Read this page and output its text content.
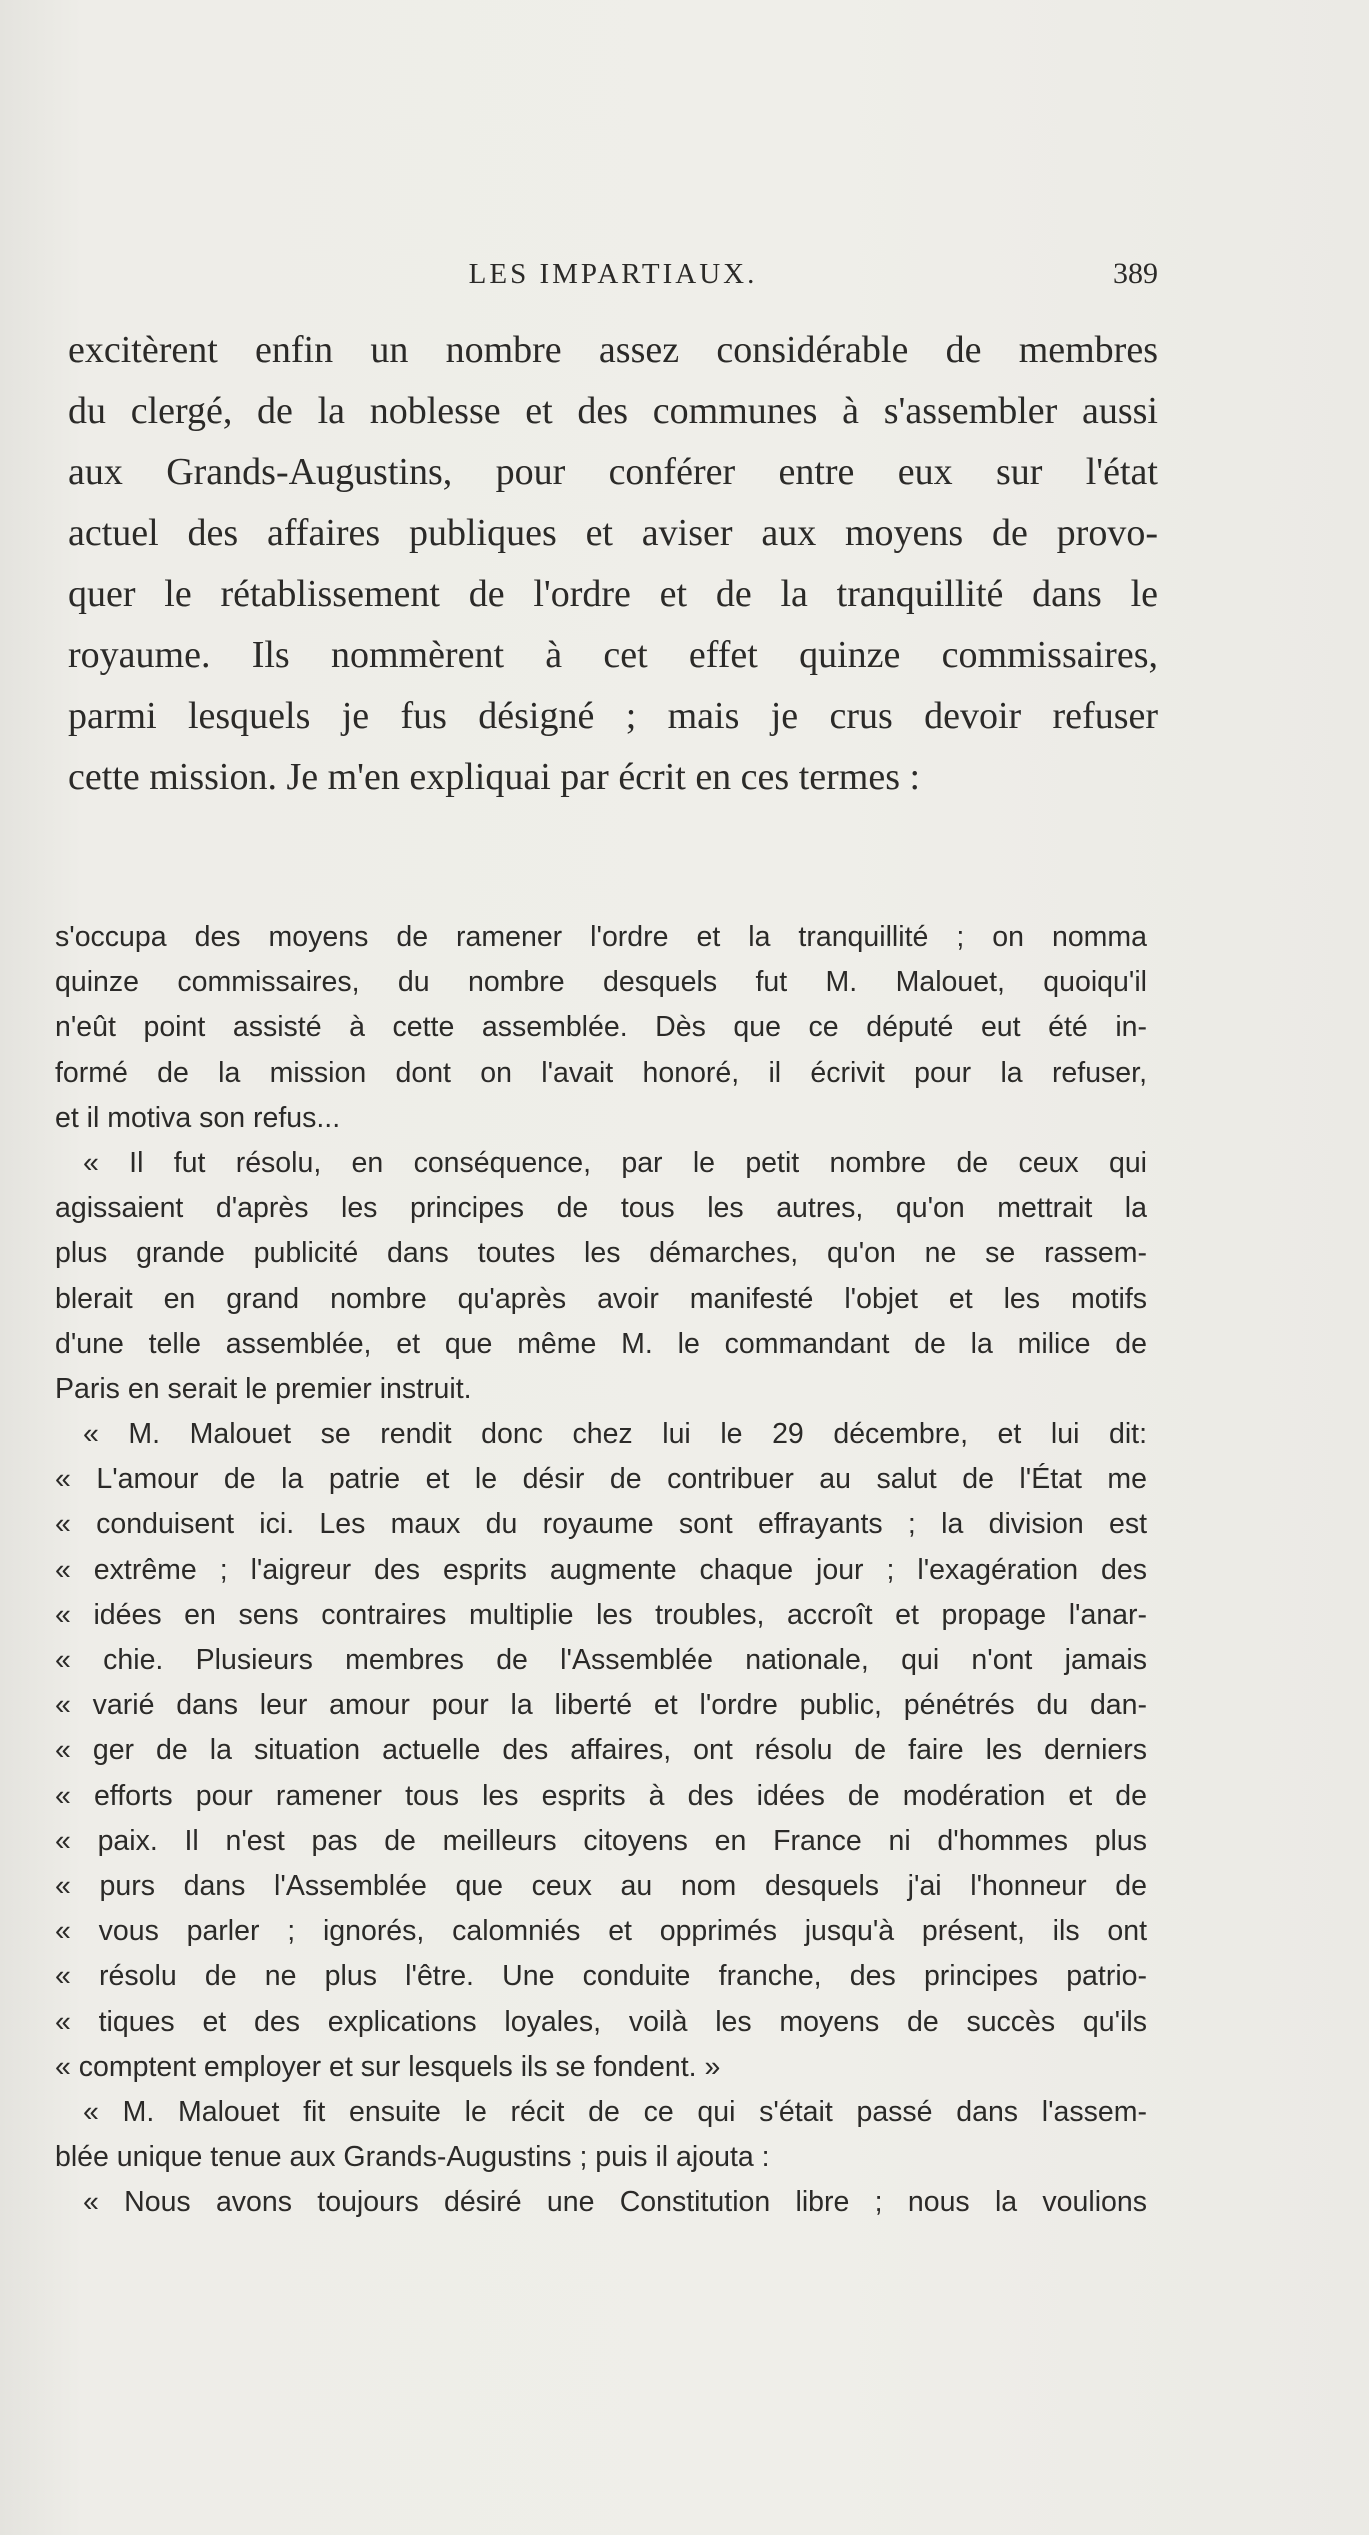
LES IMPARTIAUX.	389
excitèrent enfin un nombre assez considérable de membres
du clergé, de la noblesse et des communes à s'assembler aussi
aux Grands-Augustins, pour conférer entre eux sur l'état
actuel des affaires publiques et aviser aux moyens de provo-
quer le rétablissement de l'ordre et de la tranquillité dans le
royaume. Ils nommèrent à cet effet quinze commissaires,
parmi lesquels je fus désigné ; mais je crus devoir refuser
cette mission. Je m'en expliquai par écrit en ces termes :
s'occupa des moyens de ramener l'ordre et la tranquillité ; on nomma
quinze commissaires, du nombre desquels fut M. Malouet, quoiqu'il
n'eût point assisté à cette assemblée. Dès que ce député eut été in-
formé de la mission dont on l'avait honoré, il écrivit pour la refuser,
et il motiva son refus...
« Il fut résolu, en conséquence, par le petit nombre de ceux qui
agissaient d'après les principes de tous les autres, qu'on mettrait la
plus grande publicité dans toutes les démarches, qu'on ne se rassem-
blerait en grand nombre qu'après avoir manifesté l'objet et les motifs
d'une telle assemblée, et que même M. le commandant de la milice de
Paris en serait le premier instruit.
« M. Malouet se rendit donc chez lui le 29 décembre, et lui dit:
« L'amour de la patrie et le désir de contribuer au salut de l'État me
« conduisent ici. Les maux du royaume sont effrayants ; la division est
« extrême ; l'aigreur des esprits augmente chaque jour ; l'exagération des
« idées en sens contraires multiplie les troubles, accroît et propage l'anar-
« chie. Plusieurs membres de l'Assemblée nationale, qui n'ont jamais
« varié dans leur amour pour la liberté et l'ordre public, pénétrés du dan-
« ger de la situation actuelle des affaires, ont résolu de faire les derniers
« efforts pour ramener tous les esprits à des idées de modération et de
« paix. Il n'est pas de meilleurs citoyens en France ni d'hommes plus
« purs dans l'Assemblée que ceux au nom desquels j'ai l'honneur de
« vous parler ; ignorés, calomniés et opprimés jusqu'à présent, ils ont
« résolu de ne plus l'être. Une conduite franche, des principes patrio-
« tiques et des explications loyales, voilà les moyens de succès qu'ils
« comptent employer et sur lesquels ils se fondent. »
« M. Malouet fit ensuite le récit de ce qui s'était passé dans l'assem-
blée unique tenue aux Grands-Augustins ; puis il ajouta :
« Nous avons toujours désiré une Constitution libre ; nous la voulions
